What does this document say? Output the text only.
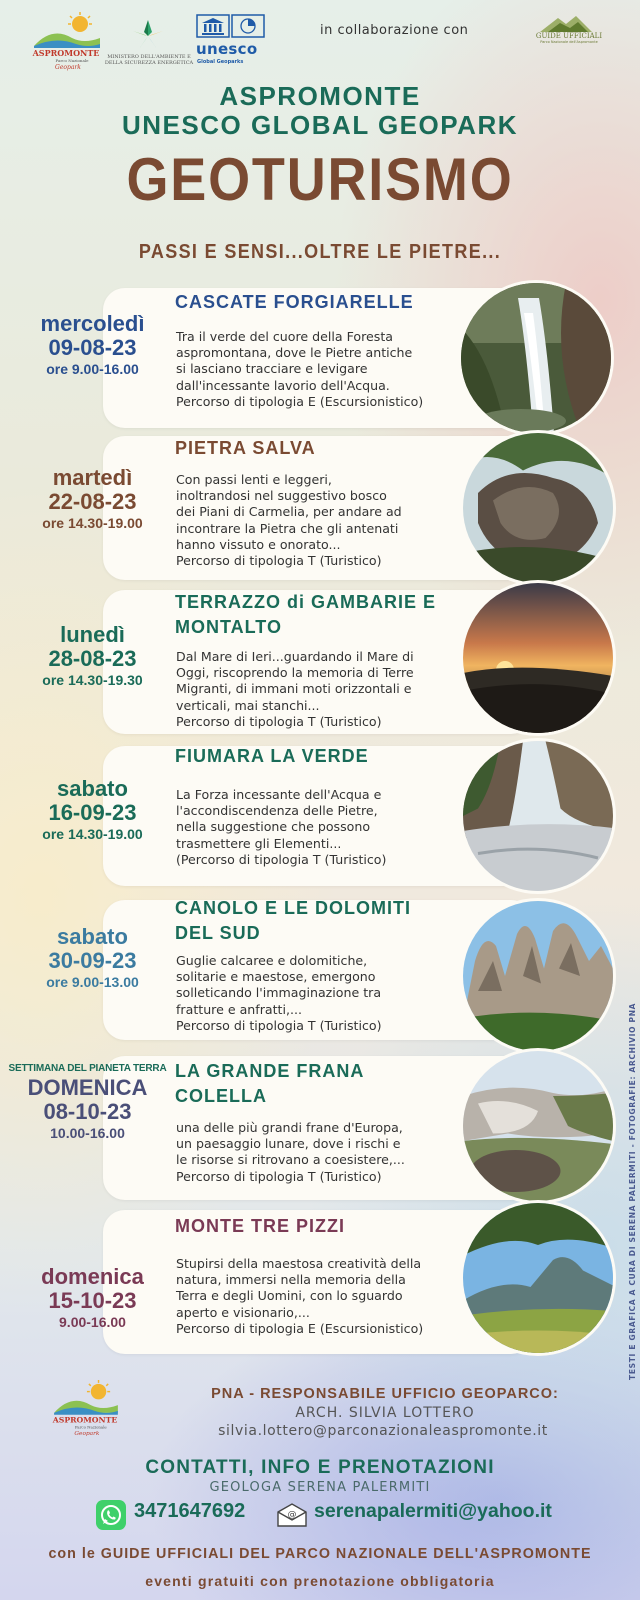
ASPROMONTE
Parco Nazionale
Geopark
MINISTERO DELL'AMBIENTE E DELLA SICUREZZA ENERGETICA
unesco
Global Geoparks
in collaborazione con	GUIDE UFFICIALI
Parco Nazionale dell'Aspromonte
ASPROMONTE
UNESCO GLOBAL GEOPARK
GEOTURISMO
PASSI E SENSI...OLTRE LE PIETRE...
mercoledì
09-08-23
ore 9.00-16.00
CASCATE FORGIARELLE
Tra il verde del cuore della Foresta
aspromontana, dove le Pietre antiche
si lasciano tracciare e levigare
dall'incessante lavorio dell'Acqua.
Percorso di tipologia E (Escursionistico)
martedì
22-08-23
ore 14.30-19.00
PIETRA SALVA
Con passi lenti e leggeri,
inoltrandosi nel suggestivo bosco
dei Piani di Carmelia, per andare ad
incontrare la Pietra che gli antenati
hanno vissuto e onorato...
Percorso di tipologia T (Turistico)
lunedì
28-08-23
ore 14.30-19.30
TERRAZZO di GAMBARIE E
MONTALTO
Dal Mare di Ieri...guardando il Mare di
Oggi, riscoprendo la memoria di Terre
Migranti, di immani moti orizzontali e
verticali, mai stanchi...
Percorso di tipologia T (Turistico)
sabato
16-09-23
ore 14.30-19.00
FIUMARA LA VERDE
La Forza incessante dell'Acqua e
l'accondiscendenza delle Pietre,
nella suggestione che possono
trasmettere gli Elementi...
(Percorso di tipologia T (Turistico)
sabato
30-09-23
ore 9.00-13.00
CANOLO E LE DOLOMITI
DEL SUD
Guglie calcaree e dolomitiche,
solitarie e maestose, emergono
solleticando l'immaginazione tra
fratture e anfratti,...
Percorso di tipologia T (Turistico)
SETTIMANA DEL PIANETA TERRA
DOMENICA
08-10-23
10.00-16.00
LA GRANDE FRANA
COLELLA
una delle più grandi frane d'Europa,
un paesaggio lunare, dove i rischi e
le risorse si ritrovano a coesistere,...
Percorso di tipologia T (Turistico)
domenica
15-10-23
9.00-16.00
MONTE TRE PIZZI
Stupirsi della maestosa creatività della
natura, immersi nella memoria della
Terra e degli Uomini, con lo sguardo
aperto e visionario,...
Percorso di tipologia E (Escursionistico)	TESTI E GRAFICA A CURA DI SERENA PALERMITI - FOTOGRAFIE: ARCHIVIO PNA
ASPROMONTE
Parco Nazionale
Geopark
PNA - RESPONSABILE UFFICIO GEOPARCO:
ARCH. SILVIA LOTTERO
silvia.lottero@parconazionaleaspromonte.it
CONTATTI, INFO E PRENOTAZIONI
GEOLOGA SERENA PALERMITI
3471647692	@ serenapalermiti@yahoo.it
con le GUIDE UFFICIALI DEL PARCO NAZIONALE DELL'ASPROMONTE
eventi gratuiti con prenotazione obbligatoria
